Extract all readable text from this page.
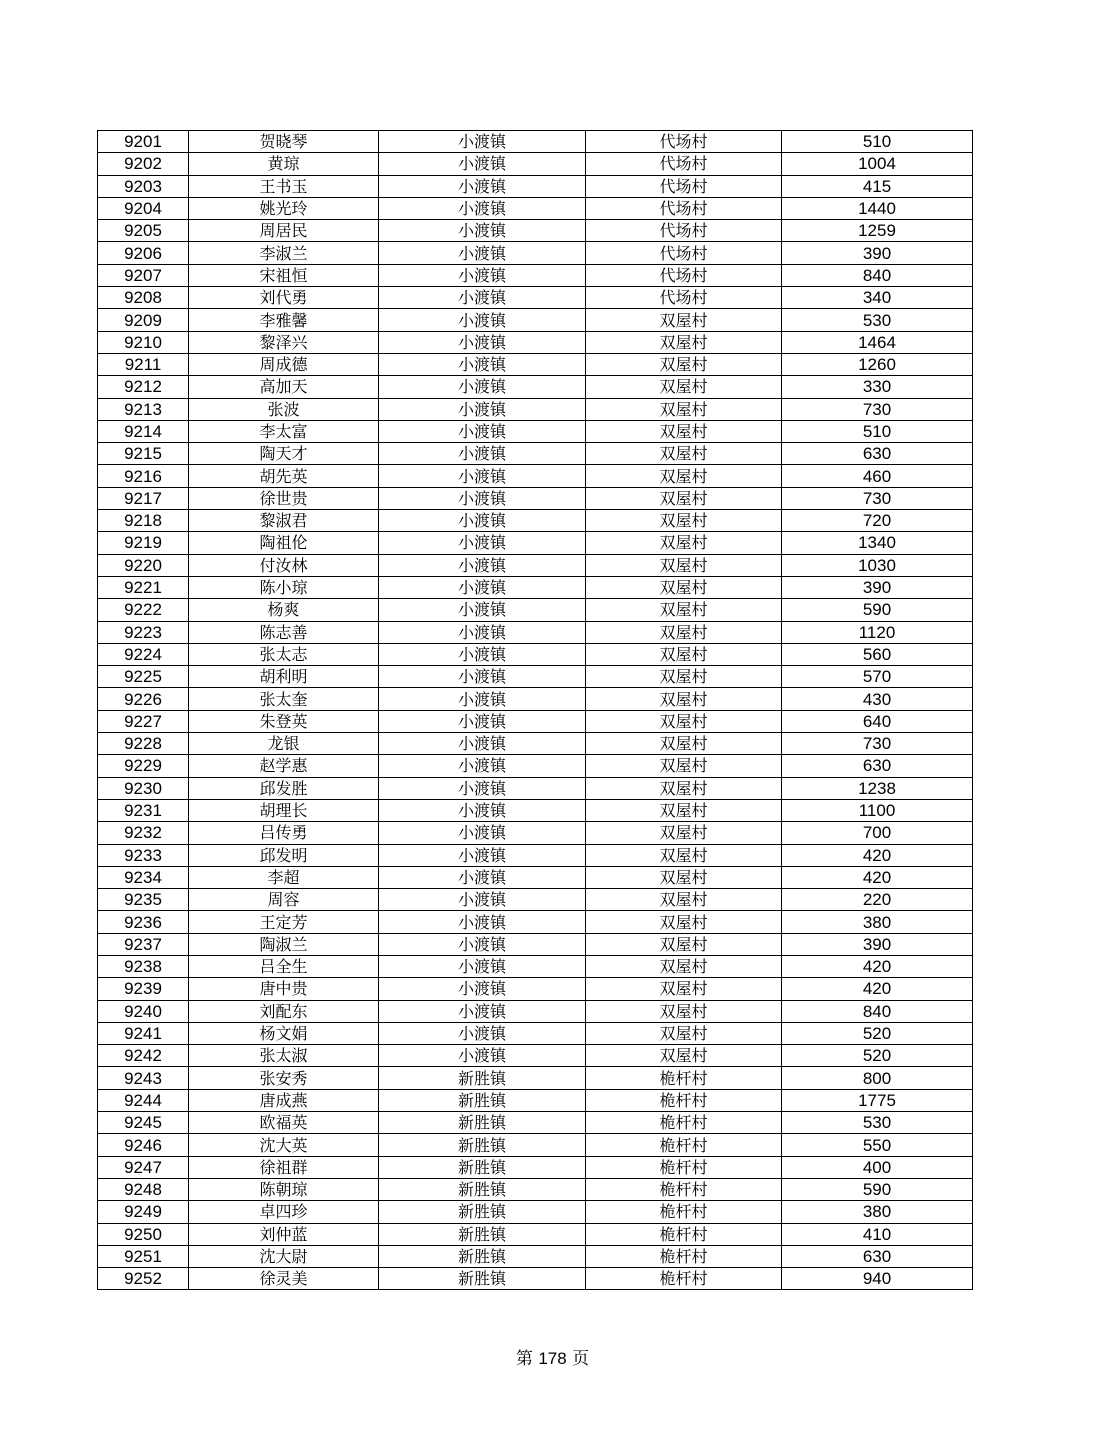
9201	贺晓琴	小渡镇	代场村	510
9202	黄琼	小渡镇	代场村	1004
9203	王书玉	小渡镇	代场村	415
9204	姚光玲	小渡镇	代场村	1440
9205	周居民	小渡镇	代场村	1259
9206	李淑兰	小渡镇	代场村	390
9207	宋祖恒	小渡镇	代场村	840
9208	刘代勇	小渡镇	代场村	340
9209	李雅馨	小渡镇	双屋村	530
9210	黎泽兴	小渡镇	双屋村	1464
9211	周成德	小渡镇	双屋村	1260
9212	高加天	小渡镇	双屋村	330
9213	张波	小渡镇	双屋村	730
9214	李太富	小渡镇	双屋村	510
9215	陶天才	小渡镇	双屋村	630
9216	胡先英	小渡镇	双屋村	460
9217	徐世贵	小渡镇	双屋村	730
9218	黎淑君	小渡镇	双屋村	720
9219	陶祖伦	小渡镇	双屋村	1340
9220	付汝林	小渡镇	双屋村	1030
9221	陈小琼	小渡镇	双屋村	390
9222	杨爽	小渡镇	双屋村	590
9223	陈志善	小渡镇	双屋村	1120
9224	张太志	小渡镇	双屋村	560
9225	胡利明	小渡镇	双屋村	570
9226	张太奎	小渡镇	双屋村	430
9227	朱登英	小渡镇	双屋村	640
9228	龙银	小渡镇	双屋村	730
9229	赵学惠	小渡镇	双屋村	630
9230	邱发胜	小渡镇	双屋村	1238
9231	胡理长	小渡镇	双屋村	1100
9232	吕传勇	小渡镇	双屋村	700
9233	邱发明	小渡镇	双屋村	420
9234	李超	小渡镇	双屋村	420
9235	周容	小渡镇	双屋村	220
9236	王定芳	小渡镇	双屋村	380
9237	陶淑兰	小渡镇	双屋村	390
9238	吕全生	小渡镇	双屋村	420
9239	唐中贵	小渡镇	双屋村	420
9240	刘配东	小渡镇	双屋村	840
9241	杨文娟	小渡镇	双屋村	520
9242	张太淑	小渡镇	双屋村	520
9243	张安秀	新胜镇	桅杆村	800
9244	唐成燕	新胜镇	桅杆村	1775
9245	欧福英	新胜镇	桅杆村	530
9246	沈大英	新胜镇	桅杆村	550
9247	徐祖群	新胜镇	桅杆村	400
9248	陈朝琼	新胜镇	桅杆村	590
9249	卓四珍	新胜镇	桅杆村	380
9250	刘仲蓝	新胜镇	桅杆村	410
9251	沈大尉	新胜镇	桅杆村	630
9252	徐灵美	新胜镇	桅杆村	940
第 178 页
